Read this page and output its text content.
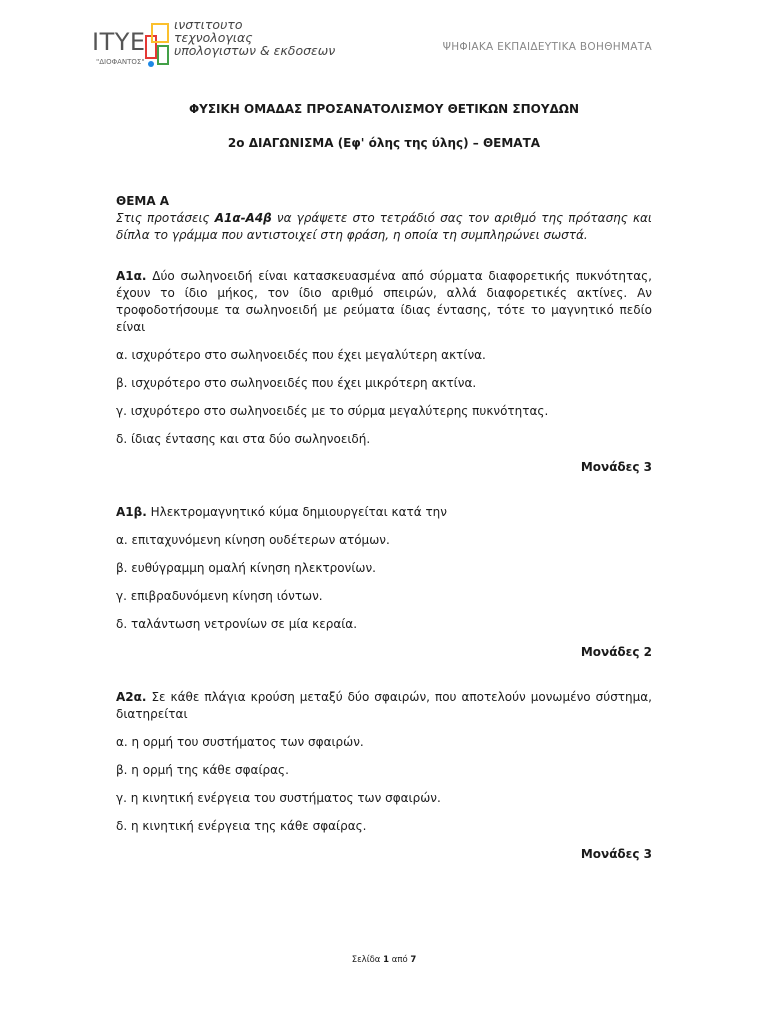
ITYE
"ΔΙΟΦΑΝΤΟΣ"
ινστιτουτο
τεχνολογιας
υπολογιστων & εκδοσεων	ΨΗΦΙΑΚΑ ΕΚΠΑΙΔΕΥΤΙΚΑ ΒΟΗΘΗΜΑΤΑ
ΦΥΣΙΚΗ ΟΜΑΔΑΣ ΠΡΟΣΑΝΑΤΟΛΙΣΜΟΥ ΘΕΤΙΚΩΝ ΣΠΟΥΔΩΝ
2ο ΔΙΑΓΩΝΙΣΜΑ (Εφ' όλης της ύλης) – ΘΕΜΑΤΑ

ΘΕΜΑ Α

Στις προτάσεις Α1α-Α4β να γράψετε στο τετράδιό σας τον αριθμό της πρότασης και δίπλα το γράμμα που αντιστοιχεί στη φράση, η οποία τη συμπληρώνει σωστά.

Α1α. Δύο σωληνοειδή είναι κατασκευασμένα από σύρματα διαφορετικής πυκνότητας, έχουν το ίδιο μήκος, τον ίδιο αριθμό σπειρών, αλλά διαφορετικές ακτίνες. Αν τροφοδοτήσουμε τα σωληνοειδή με ρεύματα ίδιας έντασης, τότε το μαγνητικό πεδίο είναι

α. ισχυρότερο στο σωληνοειδές που έχει μεγαλύτερη ακτίνα.

β. ισχυρότερο στο σωληνοειδές που έχει μικρότερη ακτίνα.

γ. ισχυρότερο στο σωληνοειδές με το σύρμα μεγαλύτερης πυκνότητας.

δ. ίδιας έντασης και στα δύο σωληνοειδή.

Μονάδες 3

Α1β. Ηλεκτρομαγνητικό κύμα δημιουργείται κατά την

α. επιταχυνόμενη κίνηση ουδέτερων ατόμων.

β. ευθύγραμμη ομαλή κίνηση ηλεκτρονίων.

γ. επιβραδυνόμενη κίνηση ιόντων.

δ. ταλάντωση νετρονίων σε μία κεραία.

Μονάδες 2

Α2α. Σε κάθε πλάγια κρούση μεταξύ δύο σφαιρών, που αποτελούν μονωμένο σύστημα, διατηρείται

α. η ορμή του συστήματος των σφαιρών.

β. η ορμή της κάθε σφαίρας.

γ. η κινητική ενέργεια του συστήματος των σφαιρών.

δ. η κινητική ενέργεια της κάθε σφαίρας.

Μονάδες 3

Σελίδα 1 από 7
